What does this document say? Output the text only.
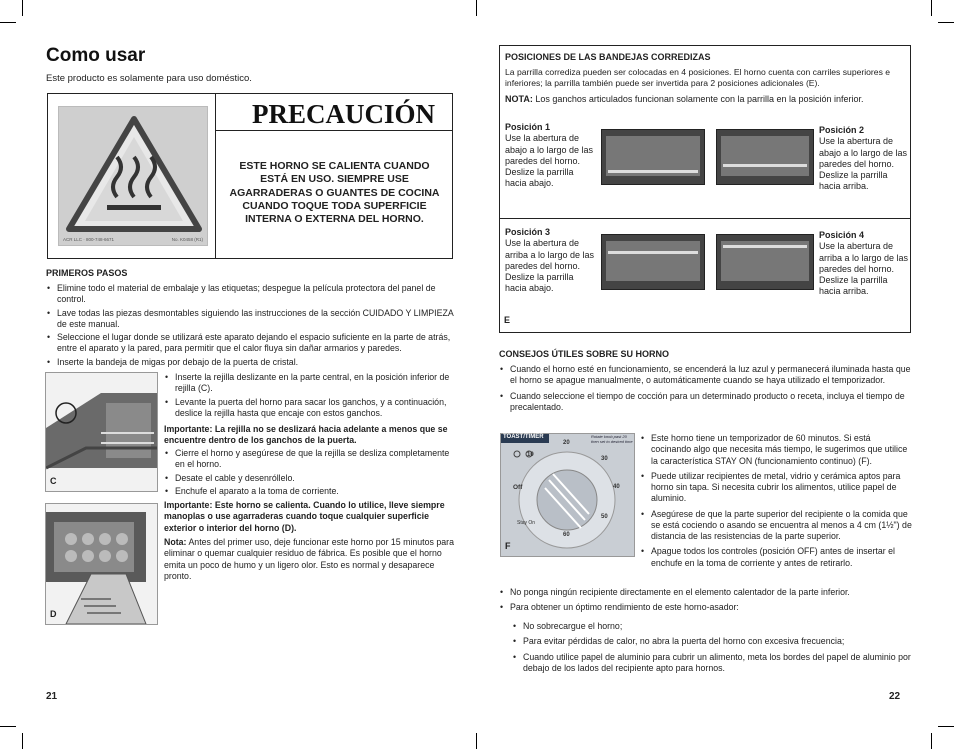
Como usar
Este producto es solamente para uso doméstico.
ACR LLC · 800-748-6671	No. K0458 (R1)
PRECAUCIÓN
ESTE HORNO SE CALIENTA CUANDO ESTÁ EN USO. SIEMPRE USE AGARRADERAS O GUANTES DE COCINA CUANDO TOQUE TODA SUPERFICIE INTERNA O EXTERNA DEL HORNO.
PRIMEROS PASOS
• Elimine todo el material de embalaje y las etiquetas; despegue la película protectora del panel de control.
• Lave todas las piezas desmontables siguiendo las instrucciones de la sección CUIDADO Y LIMPIEZA de este manual.
• Seleccione el lugar donde se utilizará este aparato dejando el espacio suficiente en la parte de atrás, entre el aparato y la pared, para permitir que el calor fluya sin dañar armarios y paredes.
• Inserte la bandeja de migas por debajo de la puerta de cristal.
C
• Inserte la rejilla deslizante en la parte central, en la posición inferior de rejilla (C).
• Levante la puerta del horno para sacar los ganchos, y a continuación, deslice la rejilla hasta que encaje con estos ganchos.
Importante: La rejilla no se deslizará hacia adelante a menos que se encuentre dentro de los ganchos de la puerta.
• Cierre el horno y asegúrese de que la rejilla se desliza completamente en el horno.
• Desate el cable y desenróllelo.
• Enchufe el aparato a la toma de corriente.
Importante: Este horno se calienta. Cuando lo utilice, lleve siempre manoplas o use agarraderas cuando toque cualquier superficie exterior o interior del horno (D).
Nota: Antes del primer uso, deje funcionar este horno por 15 minutos para eliminar o quemar cualquier residuo de fábrica. Es posible que el horno emita un poco de humo y un ligero olor. Esto es normal y desaparece pronto.
D
21
POSICIONES DE LAS BANDEJAS CORREDIZAS
La parrilla corrediza pueden ser colocadas en 4 posiciones. El horno cuenta con carriles superiores e inferiores; la parrilla también puede ser invertida para 2 posiciones adicionales (E).
NOTA: Los ganchos articulados funcionan solamente con la parrilla en la posición inferior.
Posición 1
Use la abertura de abajo a lo largo de las paredes del horno. Deslize la parrilla hacia abajo.
Posición 2
Use la abertura de abajo a lo largo de las paredes del horno. Deslize la parrilla hacia arriba.
Posición 3
Use la abertura de arriba a lo largo de las paredes del horno. Deslize la parrilla hacia abajo.
Posición 4
Use la abertura de arriba a lo largo de las paredes del horno. Deslize la parrilla hacia arriba.
E
CONSEJOS ÚTILES SOBRE SU HORNO
• Cuando el horno esté en funcionamiento, se encenderá la luz azul y permanecerá iluminada hasta que el horno se apague manualmente, o automáticamente cuando se haya utilizado el temporizador.
• Cuando seleccione el tiempo de cocción para un determinado producto o receta, incluya el tiempo de precalentado.
TOAST/TIMER	Rotate knob past 20 then set to desired time
20
10
30
40
50
60
Off
Stay On
F
• Este horno tiene un temporizador de 60 minutos. Si está cocinando algo que necesita más tiempo, le sugerimos que utilice la característica STAY ON (funcionamiento continuo) (F).
• Puede utilizar recipientes de metal, vidrio y cerámica aptos para horno sin tapa. Si necesita cubrir los alimentos, utilice papel de aluminio.
• Asegúrese de que la parte superior del recipiente o la comida que se está cociendo o asando se encuentra al menos a 4 cm (1½") de distancia de las resistencias de la parte superior.
• Apague todos los controles (posición OFF) antes de insertar el enchufe en la toma de corriente y antes de retirarlo.
• No ponga ningún recipiente directamente en el elemento calentador de la parte inferior.
• Para obtener un óptimo rendimiento de este horno-asador:
• No sobrecargue el horno;
• Para evitar pérdidas de calor, no abra la puerta del horno con excesiva frecuencia;
• Cuando utilice papel de aluminio para cubrir un alimento, meta los bordes del papel de aluminio por debajo de los lados del recipiente apto para hornos.
22
